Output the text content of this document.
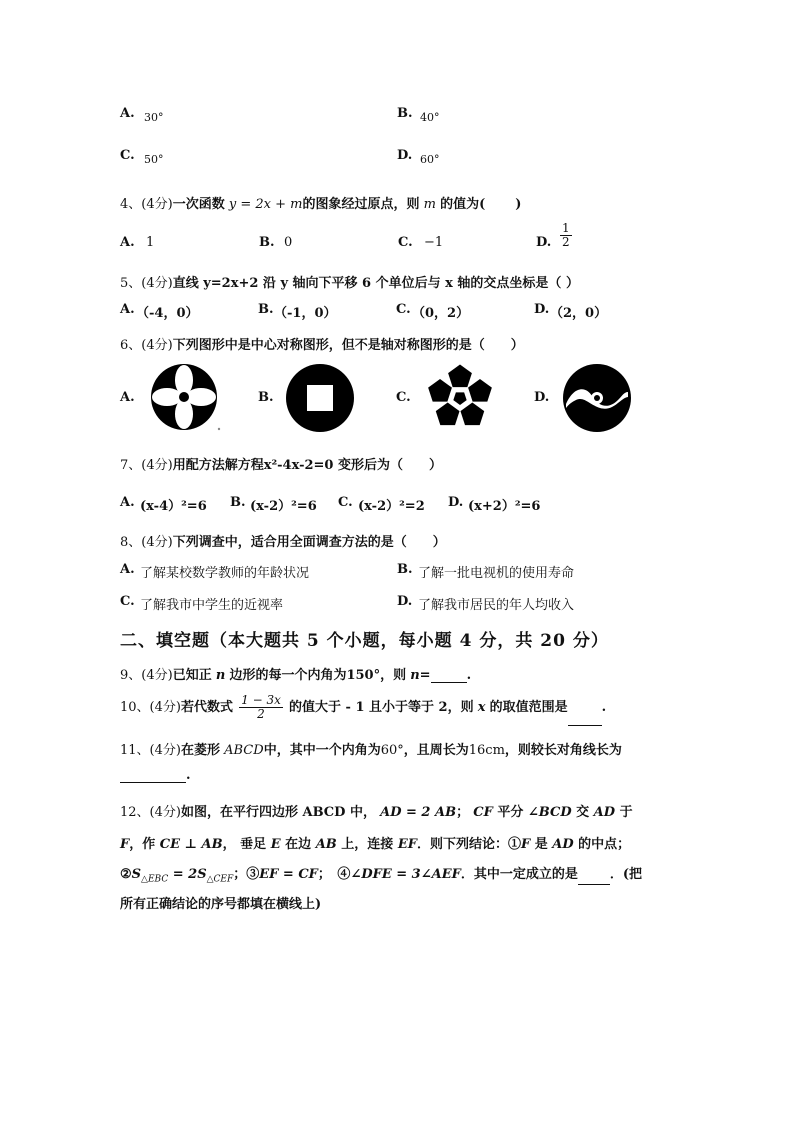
A. 30°	B. 40°
C. 50°	D. 60°
4、(4分)一次函数 y = 2x + m的图象经过原点，则 m 的值为( )
A. 1	B. 0	C. −1	D. $\frac{1}{2}$
5、(4分)直线 y=2x+2 沿 y 轴向下平移 6 个单位后与 x 轴的交点坐标是（ ）
A. （-4，0）	B. （-1，0）	C. （0，2）	D. （2，0）
6、(4分)下列图形中是中心对称图形，但不是轴对称图形的是（　　）
A.	B.	C.	D.
7、(4分)用配方法解方程x²-4x-2=0 变形后为（　　）
A. (x-4）²=6 B. (x-2）²=6 C. (x-2）²=2 D. (x+2）²=6
8、(4分)下列调查中，适合用全面调查方法的是（　　）
A. 了解某校数学教师的年龄状况	B. 了解一批电视机的使用寿命
C. 了解我市中学生的近视率	D. 了解我市居民的年人均收入
二、填空题（本大题共 5 个小题，每小题 4 分，共 20 分）
9、(4分)已知正 n 边形的每一个内角为150°，则 n=	.
10、(4分)若代数式 $\frac{1 - 3x}{2}$ 的值大于 - 1 且小于等于 2，则 x 的取值范围是	.
11、(4分)在菱形 ABCD中，其中一个内角为60°，且周长为16cm，则较长对角线长为
.
12、(4分)如图，在平行四边形 ABCD 中， AD = 2 AB； CF 平分 ∠BCD 交 AD 于
F，作 CE ⊥ AB， 垂足 E 在边 AB 上，连接 EF．则下列结论：①F 是 AD 的中点；
$②S_{\triangle EBC} = 2S_{\triangle CEF}$；③EF = CF；　④∠DFE = 3∠AEF．其中一定成立的是 ．(把
所有正确结论的序号都填在横线上)
